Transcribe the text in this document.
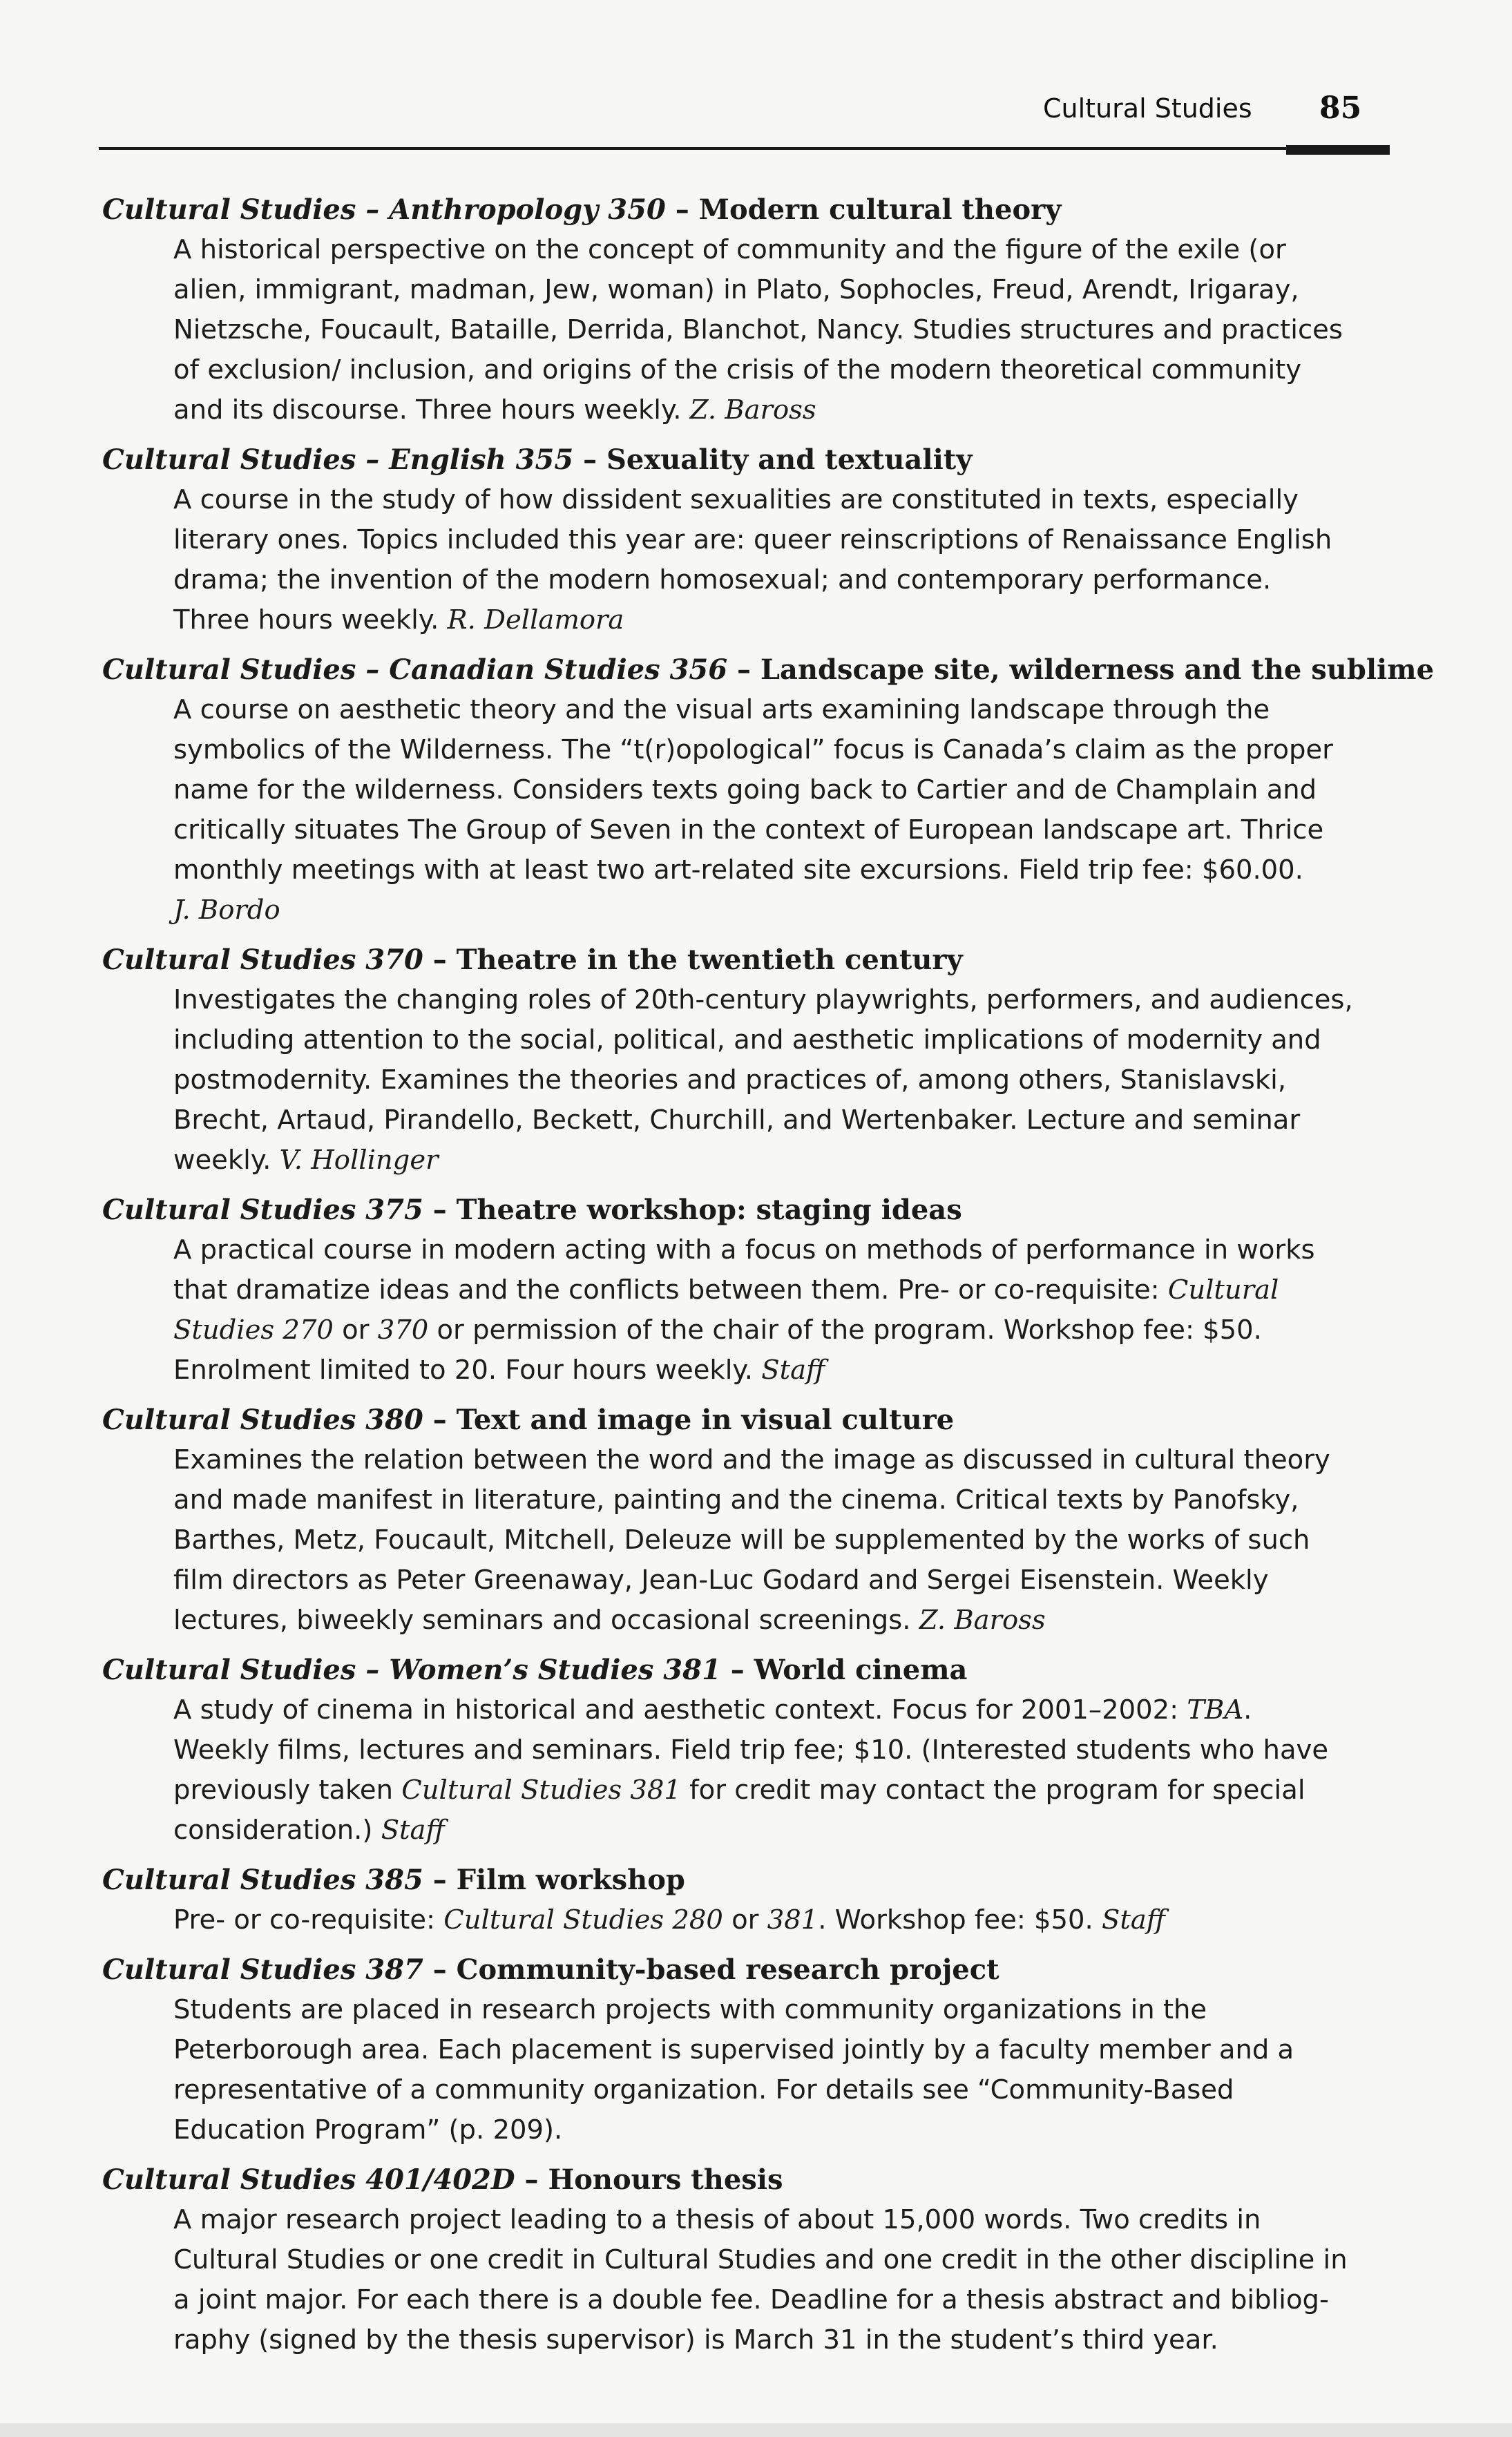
Cultural Studies 85
Cultural Studies – Anthropology 350 – Modern cultural theory
A historical perspective on the concept of community and the figure of the exile (or
alien, immigrant, madman, Jew, woman) in Plato, Sophocles, Freud, Arendt, Irigaray,
Nietzsche, Foucault, Bataille, Derrida, Blanchot, Nancy. Studies structures and practices
of exclusion/ inclusion, and origins of the crisis of the modern theoretical community
and its discourse. Three hours weekly. Z. Baross
Cultural Studies – English 355 – Sexuality and textuality
A course in the study of how dissident sexualities are constituted in texts, especially
literary ones. Topics included this year are: queer reinscriptions of Renaissance English
drama; the invention of the modern homosexual; and contemporary performance.
Three hours weekly. R. Dellamora
Cultural Studies – Canadian Studies 356 – Landscape site, wilderness and the sublime
A course on aesthetic theory and the visual arts examining landscape through the
symbolics of the Wilderness. The “t(r)opological” focus is Canada’s claim as the proper
name for the wilderness. Considers texts going back to Cartier and de Champlain and
critically situates The Group of Seven in the context of European landscape art. Thrice
monthly meetings with at least two art-related site excursions. Field trip fee: $60.00.
J. Bordo
Cultural Studies 370 – Theatre in the twentieth century
Investigates the changing roles of 20th-century playwrights, performers, and audiences,
including attention to the social, political, and aesthetic implications of modernity and
postmodernity. Examines the theories and practices of, among others, Stanislavski,
Brecht, Artaud, Pirandello, Beckett, Churchill, and Wertenbaker. Lecture and seminar
weekly. V. Hollinger
Cultural Studies 375 – Theatre workshop: staging ideas
A practical course in modern acting with a focus on methods of performance in works
that dramatize ideas and the conflicts between them. Pre- or co-requisite: Cultural
Studies 270 or 370 or permission of the chair of the program. Workshop fee: $50.
Enrolment limited to 20. Four hours weekly. Staff
Cultural Studies 380 – Text and image in visual culture
Examines the relation between the word and the image as discussed in cultural theory
and made manifest in literature, painting and the cinema. Critical texts by Panofsky,
Barthes, Metz, Foucault, Mitchell, Deleuze will be supplemented by the works of such
film directors as Peter Greenaway, Jean-Luc Godard and Sergei Eisenstein. Weekly
lectures, biweekly seminars and occasional screenings. Z. Baross
Cultural Studies – Women’s Studies 381 – World cinema
A study of cinema in historical and aesthetic context. Focus for 2001–2002: TBA.
Weekly films, lectures and seminars. Field trip fee; $10. (Interested students who have
previously taken Cultural Studies 381 for credit may contact the program for special
consideration.) Staff
Cultural Studies 385 – Film workshop
Pre- or co-requisite: Cultural Studies 280 or 381. Workshop fee: $50. Staff
Cultural Studies 387 – Community-based research project
Students are placed in research projects with community organizations in the
Peterborough area. Each placement is supervised jointly by a faculty member and a
representative of a community organization. For details see “Community-Based
Education Program” (p. 209).
Cultural Studies 401/402D – Honours thesis
A major research project leading to a thesis of about 15,000 words. Two credits in
Cultural Studies or one credit in Cultural Studies and one credit in the other discipline in
a joint major. For each there is a double fee. Deadline for a thesis abstract and bibliog-
raphy (signed by the thesis supervisor) is March 31 in the student’s third year.
